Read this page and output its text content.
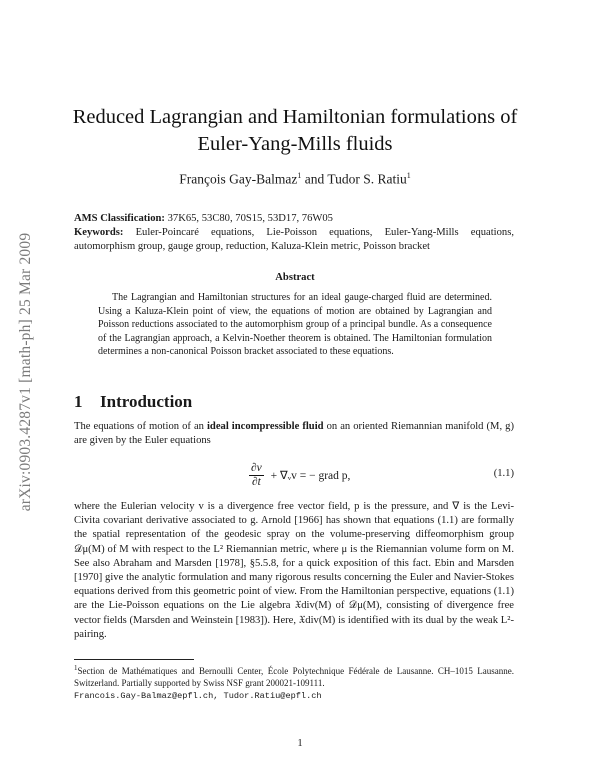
arXiv:0903.4287v1 [math-ph] 25 Mar 2009
Reduced Lagrangian and Hamiltonian formulations of
Euler-Yang-Mills fluids
François Gay-Balmaz$^1$ and Tudor S. Ratiu$^1$

AMS Classification: 37K65, 53C80, 70S15, 53D17, 76W05

Keywords: Euler-Poincaré equations, Lie-Poisson equations, Euler-Yang-Mills equations, automorphism group, gauge group, reduction, Kaluza-Klein metric, Poisson bracket

Abstract
The Lagrangian and Hamiltonian structures for an ideal gauge-charged fluid are determined. Using a Kaluza-Klein point of view, the equations of motion are obtained by Lagrangian and Poisson reductions associated to the automorphism group of a principal bundle. As a consequence of the Lagrangian approach, a Kelvin-Noether theorem is obtained. The Hamiltonian formulation determines a non-canonical Poisson bracket associated to these equations.
1 Introduction

The equations of motion of an ideal incompressible fluid on an oriented Riemannian manifold (M, g) are given by the Euler equations

$\frac{\partial v}{\partial t}$ + ∇ᵥv = − grad p,	(1.1)

where the Eulerian velocity v is a divergence free vector field, p is the pressure, and ∇ is the Levi-Civita covariant derivative associated to g. Arnold [1966] has shown that equations (1.1) are formally the spatial representation of the geodesic spray on the volume-preserving diffeomorphism group 𝒟μ(M) of M with respect to the L² Riemannian metric, where μ is the Riemannian volume form on M. See also Abraham and Marsden [1978], §5.5.8, for a quick exposition of this fact. Ebin and Marsden [1970] give the analytic formulation and many rigorous results concerning the Euler and Navier-Stokes equations derived from this geometric point of view. From the Hamiltonian perspective, equations (1.1) are the Lie-Poisson equations on the Lie algebra 𝔛div(M) of 𝒟μ(M), consisting of divergence free vector fields (Marsden and Weinstein [1983]). Here, 𝔛div(M) is identified with its dual by the weak L²-pairing.

$^1$Section de Mathématiques and Bernoulli Center, École Polytechnique Fédérale de Lausanne. CH–1015 Lausanne. Switzerland. Partially supported by Swiss NSF grant 200021-109111.
Francois.Gay-Balmaz@epfl.ch, Tudor.Ratiu@epfl.ch
1
